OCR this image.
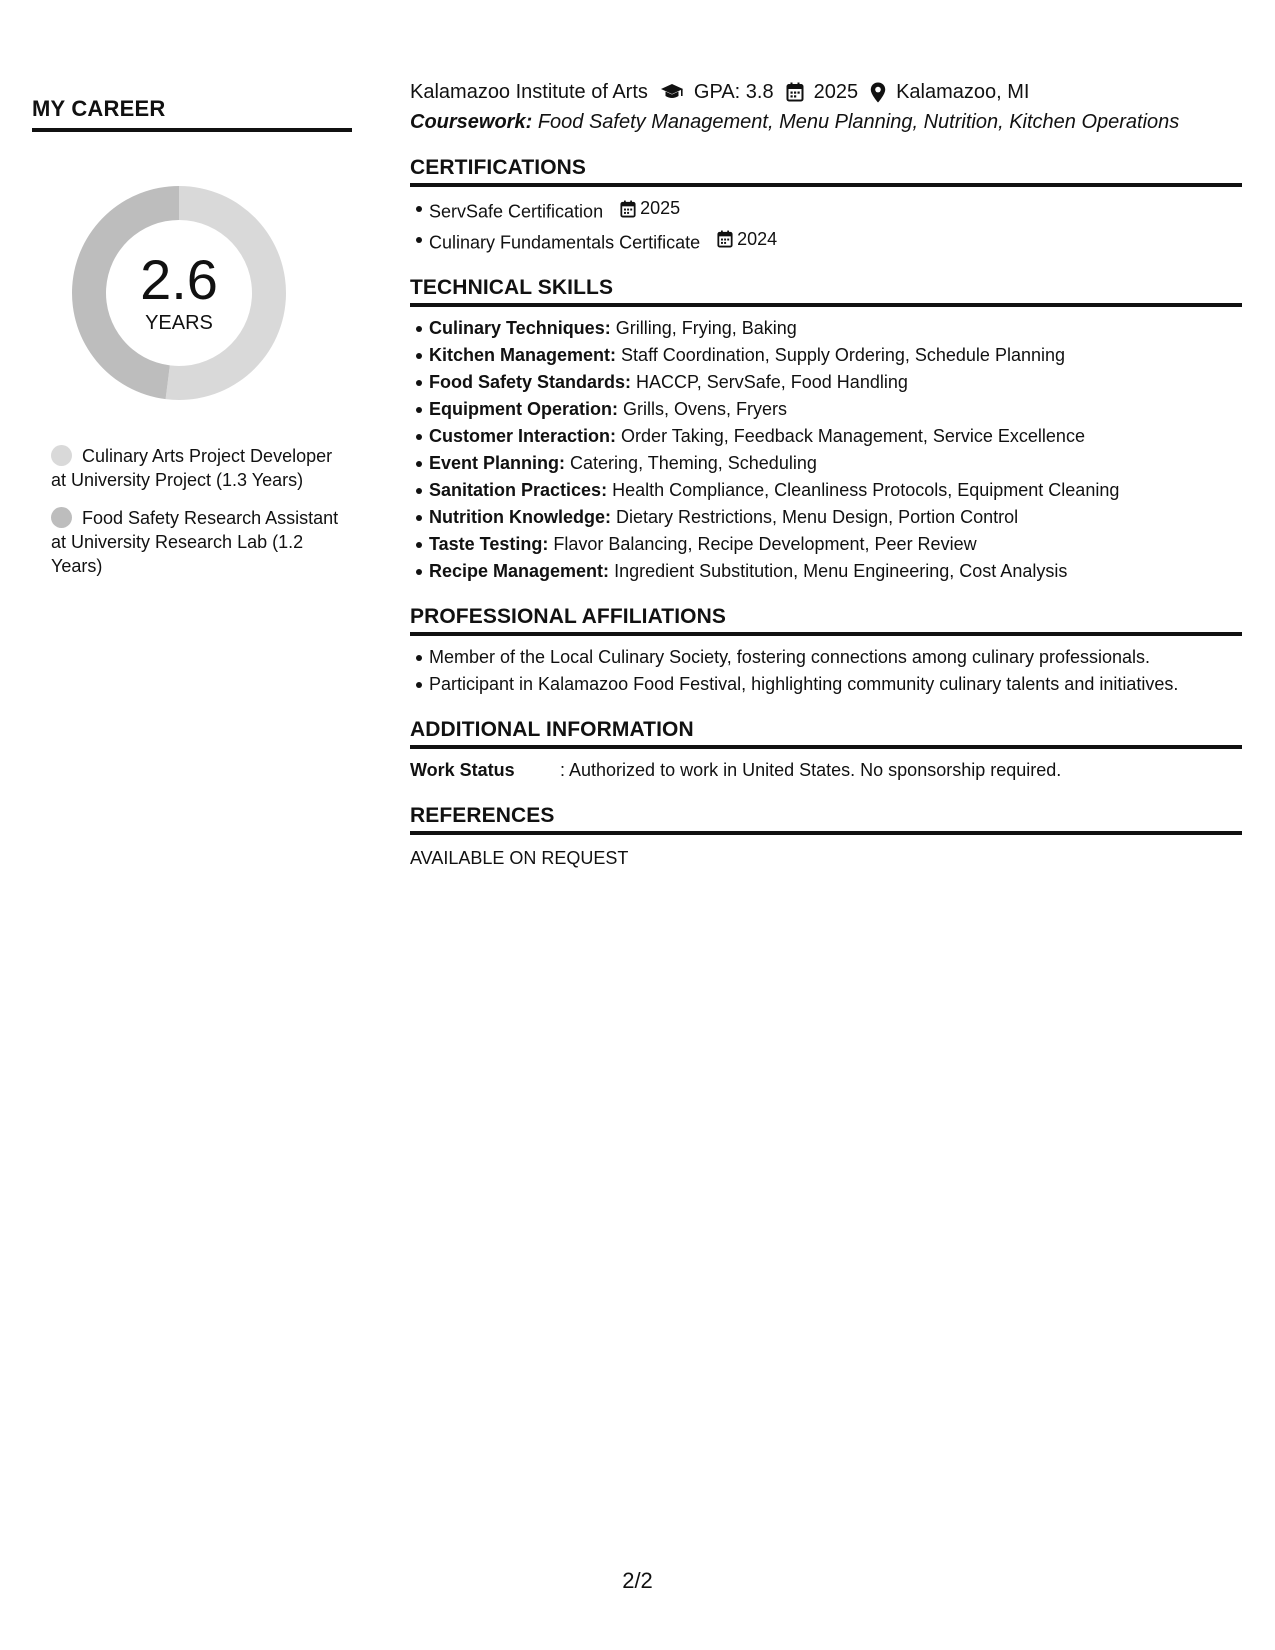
MY CAREER
2.6
YEARS
Culinary Arts Project Developer at University Project (1.3 Years)
Food Safety Research Assistant at University Research Lab (1.2 Years)
Kalamazoo Institute of Arts GPA: 3.8 2025 Kalamazoo, MI
Coursework: Food Safety Management, Menu Planning, Nutrition, Kitchen Operations
CERTIFICATIONS
ServSafe Certification 2025
Culinary Fundamentals Certificate 2024
TECHNICAL SKILLS
Culinary Techniques: Grilling, Frying, Baking
Kitchen Management: Staff Coordination, Supply Ordering, Schedule Planning
Food Safety Standards: HACCP, ServSafe, Food Handling
Equipment Operation: Grills, Ovens, Fryers
Customer Interaction: Order Taking, Feedback Management, Service Excellence
Event Planning: Catering, Theming, Scheduling
Sanitation Practices: Health Compliance, Cleanliness Protocols, Equipment Cleaning
Nutrition Knowledge: Dietary Restrictions, Menu Design, Portion Control
Taste Testing: Flavor Balancing, Recipe Development, Peer Review
Recipe Management: Ingredient Substitution, Menu Engineering, Cost Analysis
PROFESSIONAL AFFILIATIONS
Member of the Local Culinary Society, fostering connections among culinary professionals.
Participant in Kalamazoo Food Festival, highlighting community culinary talents and initiatives.
ADDITIONAL INFORMATION
Work Status	: Authorized to work in United States. No sponsorship required.
REFERENCES
AVAILABLE ON REQUEST
2/2
